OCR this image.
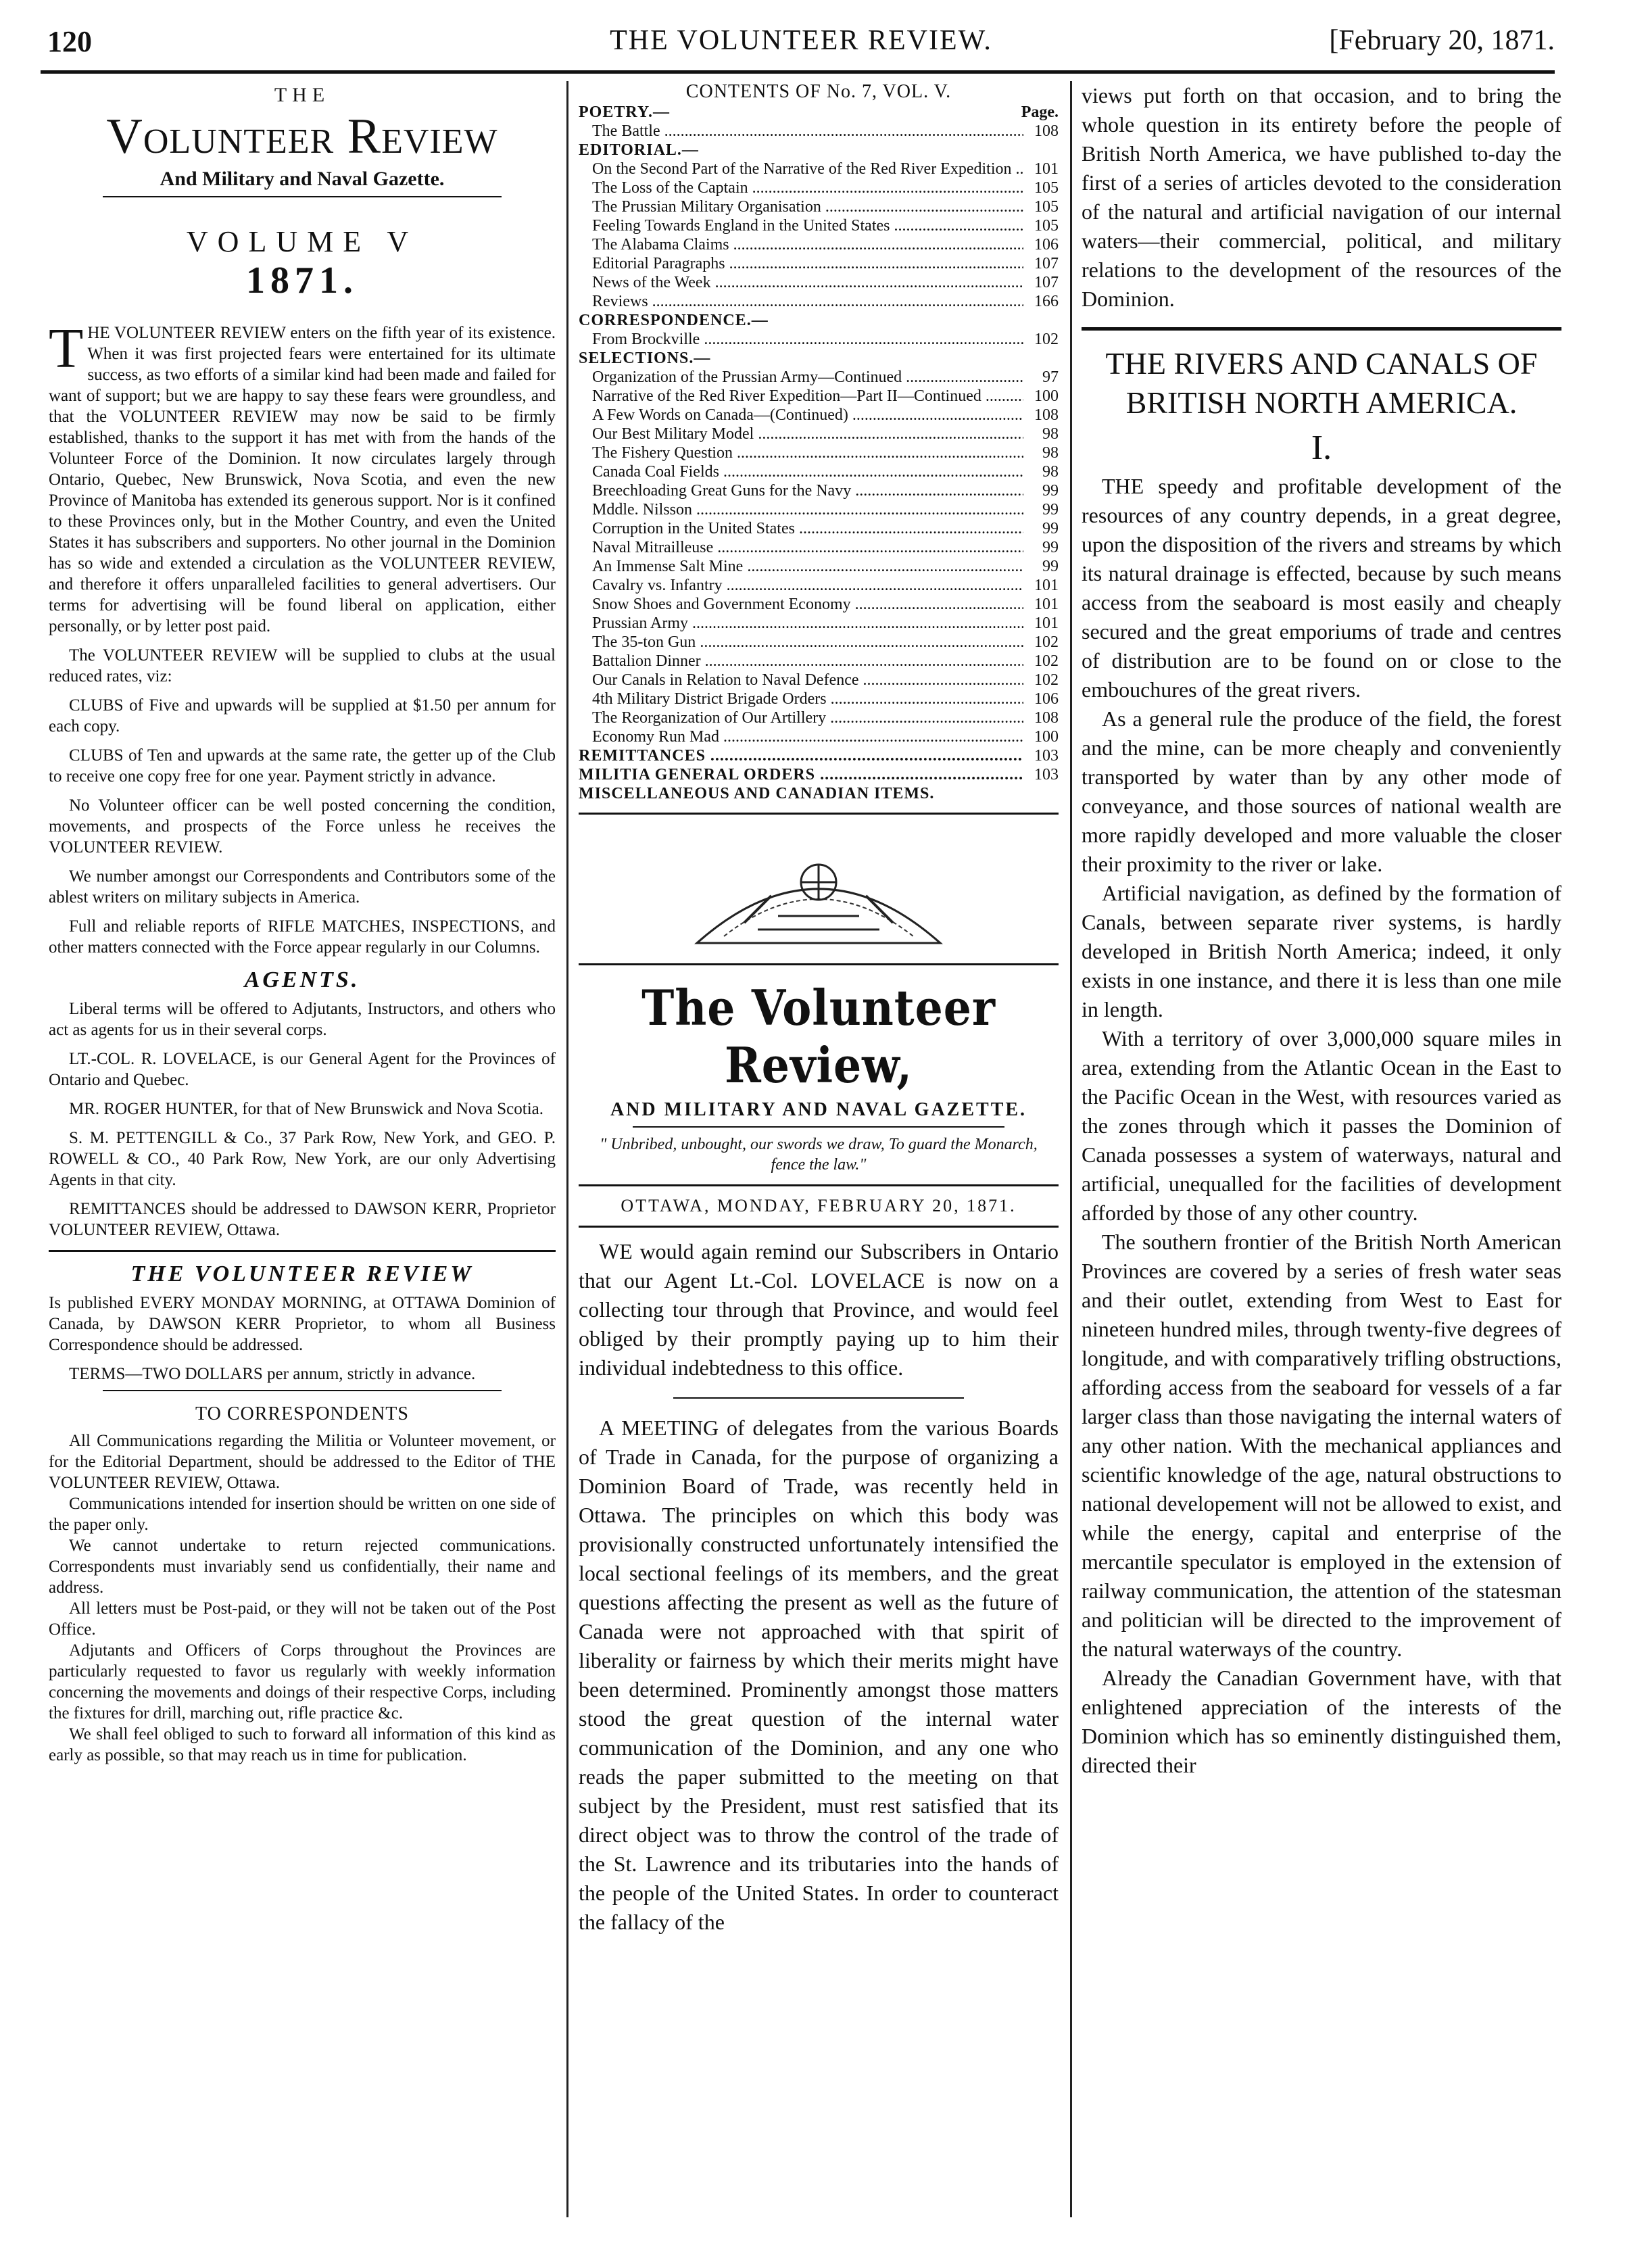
120	THE VOLUNTEER REVIEW.	[February 20, 1871.
THE
Volunteer Review
And Military and Naval Gazette.
VOLUME V
1871.

THE VOLUNTEER REVIEW enters on the fifth year of its existence. When it was first projected fears were entertained for its ultimate success, as two efforts of a similar kind had been made and failed for want of support; but we are happy to say these fears were groundless, and that the VOLUNTEER REVIEW may now be said to be firmly established, thanks to the support it has met with from the hands of the Volunteer Force of the Dominion. It now circulates largely through Ontario, Quebec, New Brunswick, Nova Scotia, and even the new Province of Manitoba has extended its generous support. Nor is it confined to these Provinces only, but in the Mother Country, and even the United States it has subscribers and supporters. No other journal in the Dominion has so wide and extended a circulation as the VOLUNTEER REVIEW, and therefore it offers unparalleled facilities to general advertisers. Our terms for advertising will be found liberal on application, either personally, or by letter post paid.

The VOLUNTEER REVIEW will be supplied to clubs at the usual reduced rates, viz:

CLUBS of Five and upwards will be supplied at $1.50 per annum for each copy.

CLUBS of Ten and upwards at the same rate, the getter up of the Club to receive one copy free for one year. Payment strictly in advance.

No Volunteer officer can be well posted concerning the condition, movements, and prospects of the Force unless he receives the VOLUNTEER REVIEW.

We number amongst our Correspondents and Contributors some of the ablest writers on military subjects in America.

Full and reliable reports of RIFLE MATCHES, INSPECTIONS, and other matters connected with the Force appear regularly in our Columns.

AGENTS.

Liberal terms will be offered to Adjutants, Instructors, and others who act as agents for us in their several corps.

LT.-COL. R. LOVELACE, is our General Agent for the Provinces of Ontario and Quebec.

MR. ROGER HUNTER, for that of New Brunswick and Nova Scotia.

S. M. PETTENGILL & Co., 37 Park Row, New York, and GEO. P. ROWELL & CO., 40 Park Row, New York, are our only Advertising Agents in that city.

REMITTANCES should be addressed to DAWSON KERR, Proprietor VOLUNTEER REVIEW, Ottawa.

THE VOLUNTEER REVIEW

Is published EVERY MONDAY MORNING, at OTTAWA Dominion of Canada, by DAWSON KERR Proprietor, to whom all Business Correspondence should be addressed.

TERMS—TWO DOLLARS per annum, strictly in advance.

TO CORRESPONDENTS

All Communications regarding the Militia or Volunteer movement, or for the Editorial Department, should be addressed to the Editor of THE VOLUNTEER REVIEW, Ottawa.

Communications intended for insertion should be written on one side of the paper only.

We cannot undertake to return rejected communications. Correspondents must invariably send us confidentially, their name and address.

All letters must be Post-paid, or they will not be taken out of the Post Office.

Adjutants and Officers of Corps throughout the Provinces are particularly requested to favor us regularly with weekly information concerning the movements and doings of their respective Corps, including the fixtures for drill, marching out, rifle practice &c.

We shall feel obliged to such to forward all information of this kind as early as possible, so that may reach us in time for publication.

CONTENTS OF No. 7, VOL. V.
POETRY.—	Page.
The Battle .....	108
EDITORIAL.—
On the Second Part of the Narrative of the Red River Expedition .....	101
The Loss of the Captain .....	105
The Prussian Military Organisation .....	105
Feeling Towards England in the United States .....	105
The Alabama Claims .....	106
Editorial Paragraphs .....	107
News of the Week .....	107
Reviews .....	166
CORRESPONDENCE.—
From Brockville .....	102
SELECTIONS.—
Organization of the Prussian Army—Continued .....	97
Narrative of the Red River Expedition—Part II—Continued .....	100
A Few Words on Canada—(Continued) .....	108
Our Best Military Model .....	98
The Fishery Question .....	98
Canada Coal Fields .....	98
Breechloading Great Guns for the Navy .....	99
Mddle. Nilsson .....	99
Corruption in the United States .....	99
Naval Mitrailleuse .....	99
An Immense Salt Mine .....	99
Cavalry vs. Infantry .....	101
Snow Shoes and Government Economy .....	101
Prussian Army .....	101
The 35-ton Gun .....	102
Battalion Dinner .....	102
Our Canals in Relation to Naval Defence .....	102
4th Military District Brigade Orders .....	106
The Reorganization of Our Artillery .....	108
Economy Run Mad .....	100
REMITTANCES .....	103
MILITIA GENERAL ORDERS .....	103
MISCELLANEOUS AND CANADIAN ITEMS.
The Volunteer Review,
AND MILITARY AND NAVAL GAZETTE.
" Unbribed, unbought, our swords we draw, To guard the Monarch, fence the law."
OTTAWA, MONDAY, FEBRUARY 20, 1871.

WE would again remind our Subscribers in Ontario that our Agent Lt.-Col. LOVELACE is now on a collecting tour through that Province, and would feel obliged by their promptly paying up to him their individual indebtedness to this office.

A MEETING of delegates from the various Boards of Trade in Canada, for the purpose of organizing a Dominion Board of Trade, was recently held in Ottawa. The principles on which this body was provisionally constructed unfortunately intensified the local sectional feelings of its members, and the great questions affecting the present as well as the future of Canada were not approached with that spirit of liberality or fairness by which their merits might have been determined. Prominently amongst those matters stood the great question of the internal water communication of the Dominion, and any one who reads the paper submitted to the meeting on that subject by the President, must rest satisfied that its direct object was to throw the control of the trade of the St. Lawrence and its tributaries into the hands of the people of the United States. In order to counteract the fallacy of the

views put forth on that occasion, and to bring the whole question in its entirety before the people of British North America, we have published to-day the first of a series of articles devoted to the consideration of the natural and artificial navigation of our internal waters—their commercial, political, and military relations to the development of the resources of the Dominion.

THE RIVERS AND CANALS OF BRITISH NORTH AMERICA.
I.

THE speedy and profitable development of the resources of any country depends, in a great degree, upon the disposition of the rivers and streams by which its natural drainage is effected, because by such means access from the seaboard is most easily and cheaply secured and the great emporiums of trade and centres of distribution are to be found on or close to the embouchures of the great rivers.

As a general rule the produce of the field, the forest and the mine, can be more cheaply and conveniently transported by water than by any other mode of conveyance, and those sources of national wealth are more rapidly developed and more valuable the closer their proximity to the river or lake.

Artificial navigation, as defined by the formation of Canals, between separate river systems, is hardly developed in British North America; indeed, it only exists in one instance, and there it is less than one mile in length.

With a territory of over 3,000,000 square miles in area, extending from the Atlantic Ocean in the East to the Pacific Ocean in the West, with resources varied as the zones through which it passes the Dominion of Canada possesses a system of waterways, natural and artificial, unequalled for the facilities of development afforded by those of any other country.

The southern frontier of the British North American Provinces are covered by a series of fresh water seas and their outlet, extending from West to East for nineteen hundred miles, through twenty-five degrees of longitude, and with comparatively trifling obstructions, affording access from the seaboard for vessels of a far larger class than those navigating the internal waters of any other nation. With the mechanical appliances and scientific knowledge of the age, natural obstructions to national developement will not be allowed to exist, and while the energy, capital and enterprise of the mercantile speculator is employed in the extension of railway communication, the attention of the statesman and politician will be directed to the improvement of the natural waterways of the country.

Already the Canadian Government have, with that enlightened appreciation of the interests of the Dominion which has so eminently distinguished them, directed their
